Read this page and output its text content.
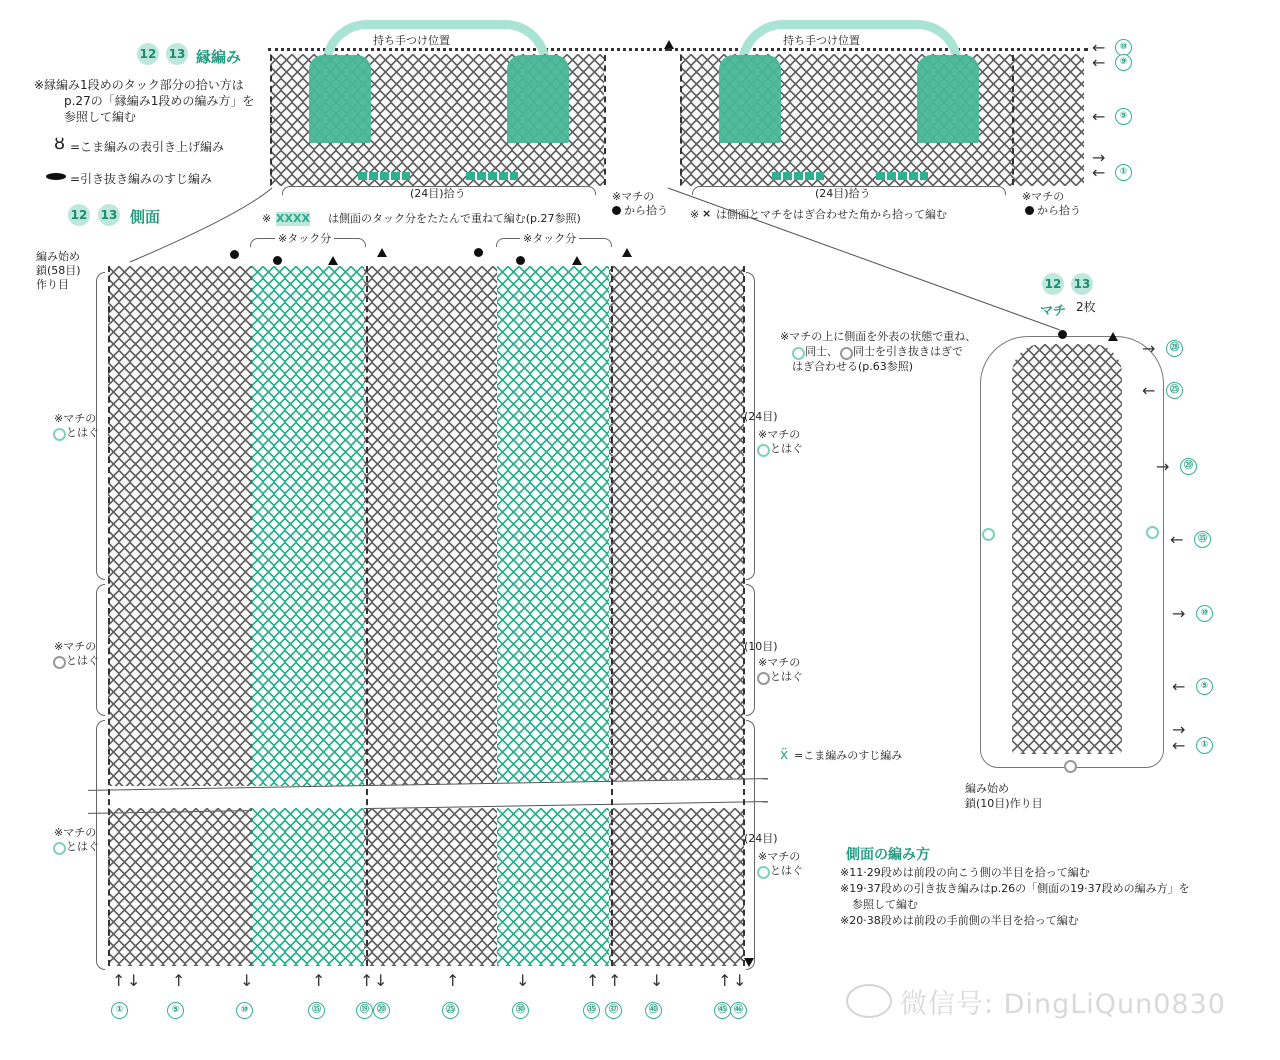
12 13 縁編み
※縁編み1段めのタック部分の拾い方は
p.27の「縁編み1段めの編み方」を
参照して編む
ȣ =こま編みの表引き上げ編み
=引き抜き編みのすじ編み
持ち手つけ位置
(24目)拾う	※マチの
から拾う
持ち手つけ位置
(24目)拾う
※ ⨯ は側面とマチをはぎ合わせた角から拾って編む
※マチの
から拾う
←	⑩
←	⑨
←	⑤
→
←	①
12 13 側面	※ XXXX は側面のタック分をたたんで重ねて編む(p.27参照)
編み始め
鎖(58目)
作り目
※タック分	※タック分
※マチの
とはぐ
※マチの
とはぐ
※マチの
とはぐ
(24目)
※マチの
とはぐ
(10目)
※マチの
とはぐ
(24目)
※マチの
とはぐ
ẍ =こま編みのすじ編み
↑ ↓
①
↑
⑤
↓
⑩
↑
⑮
↑ ↓
⑲ ⑳
↑
㉕
↓
㉚
↑ ↑
㉟	㊲
↓
㊵
↑ ↓
㊺ ㊻
12 13
マチ 2枚
※マチの上に側面を外表の状態で重ね、
同士、 同士を引き抜きはぎで
はぎ合わせる(p.63参照)
→	㉘
←	㉕
→	⑳
←	⑮
→	⑩
←	⑤
→
←	①
編み始め
鎖(10目)作り目
側面の編み方
※11·29段めは前段の向こう側の半目を拾って編む
※19·37段めの引き抜き編みはp.26の「側面の19·37段めの編み方」を
参照して編む
※20·38段めは前段の手前側の半目を拾って編む
微信号: DingLiQun0830
